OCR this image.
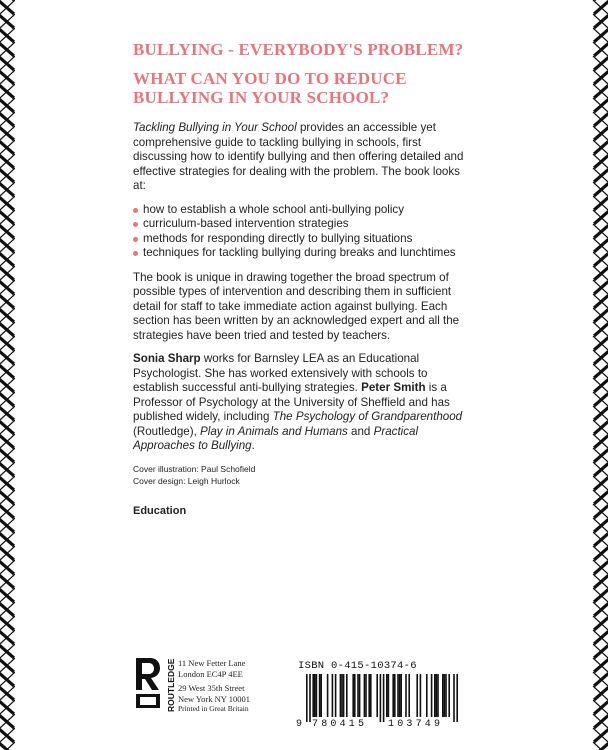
BULLYING - EVERYBODY'S PROBLEM?
WHAT CAN YOU DO TO REDUCE
BULLYING IN YOUR SCHOOL?

Tackling Bullying in Your School provides an accessible yet comprehensive guide to tackling bullying in schools, first discussing how to identify bullying and then offering detailed and effective strategies for dealing with the problem. The book looks at:

how to establish a whole school anti-bullying policy
curriculum-based intervention strategies
methods for responding directly to bullying situations
techniques for tackling bullying during breaks and lunchtimes

The book is unique in drawing together the broad spectrum of possible types of intervention and describing them in sufficient detail for staff to take immediate action against bullying. Each section has been written by an acknowledged expert and all the strategies have been tried and tested by teachers.

Sonia Sharp works for Barnsley LEA as an Educational Psychologist. She has worked extensively with schools to establish successful anti-bullying strategies. Peter Smith is a Professor of Psychology at the University of Sheffield and has published widely, including The Psychology of Grandparenthood (Routledge), Play in Animals and Humans and Practical Approaches to Bullying.

Cover illustration: Paul Schofield
Cover design: Leigh Hurlock
Education
ROUTLEDGE 11 New Fetter Lane
London EC4P 4EE
29 West 35th Street
New York NY 10001
Printed in Great Britain
ISBN 0-415-10374-6
9 780415 103749
